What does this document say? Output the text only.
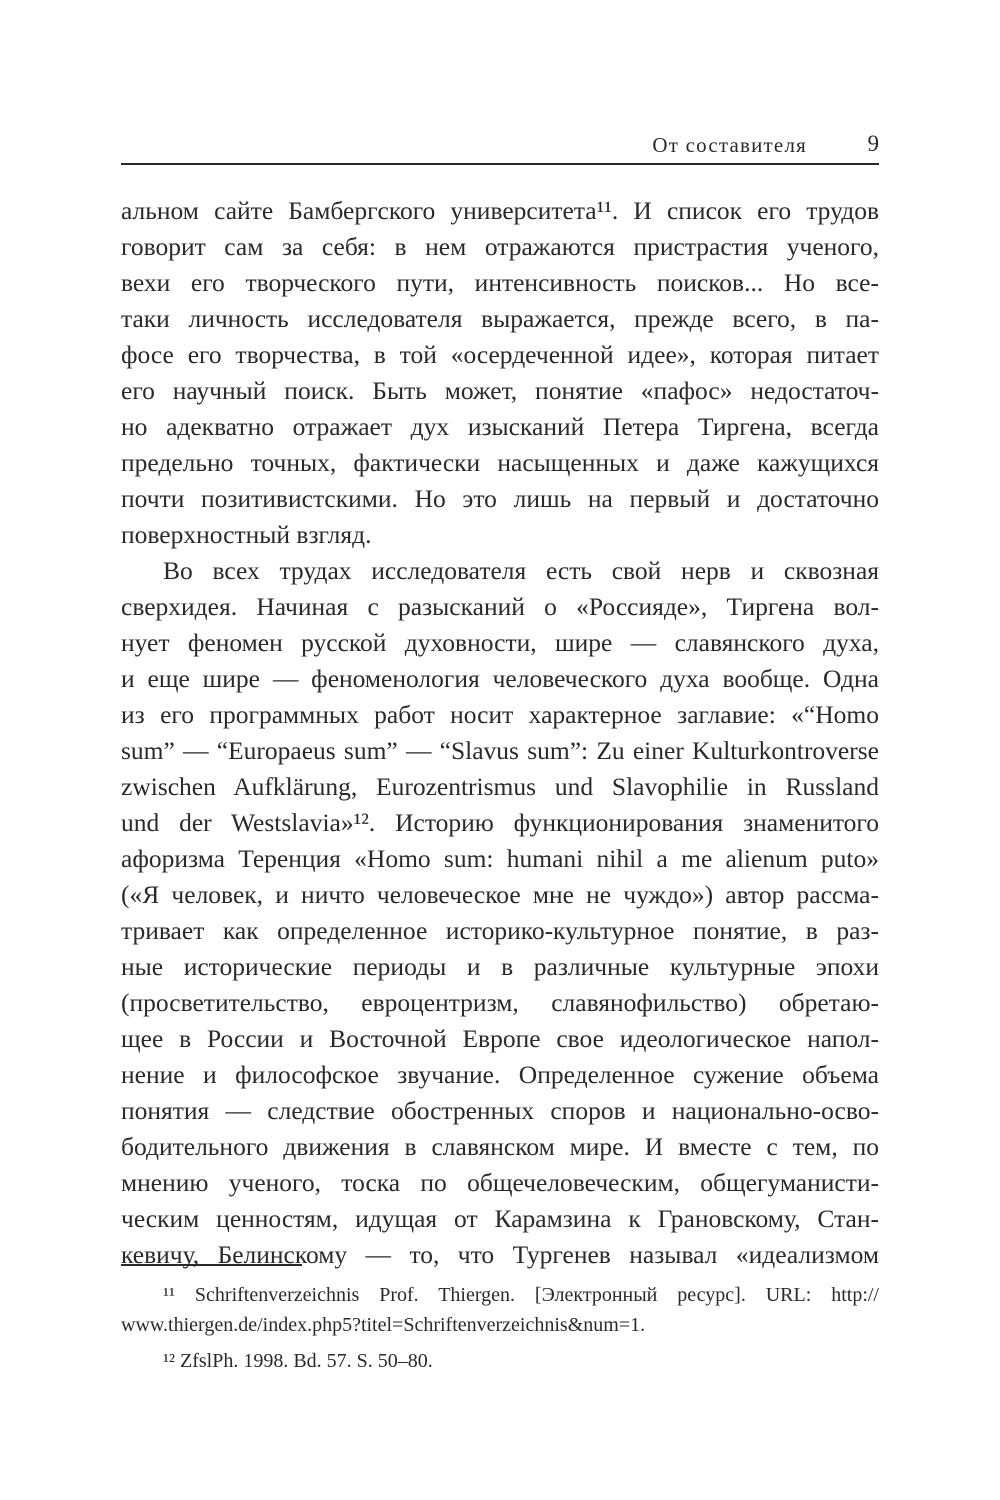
От составителя	9
альном сайте Бамбергского университета¹¹. И список его трудов
говорит сам за себя: в нем отражаются пристрастия ученого,
вехи его творческого пути, интенсивность поисков... Но все-
таки личность исследователя выражается, прежде всего, в па-
фосе его творчества, в той «осердеченной идее», которая питает
его научный поиск. Быть может, понятие «пафос» недостаточ-
но адекватно отражает дух изысканий Петера Тиргена, всегда
предельно точных, фактически насыщенных и даже кажущихся
почти позитивистскими. Но это лишь на первый и достаточно
поверхностный взгляд.
Во всех трудах исследователя есть свой нерв и сквозная
сверхидея. Начиная с разысканий о «Россияде», Тиргена вол-
нует феномен русской духовности, шире — славянского духа,
и еще шире — феноменология человеческого духа вообще. Одна
из его программных работ носит характерное заглавие: «“Homo
sum” — “Europaeus sum” — “Slavus sum”: Zu einer Kulturkontroverse
zwischen Aufklärung, Eurozentrismus und Slavophilie in Russland
und der Westslavia»¹². Историю функционирования знаменитого
афоризма Теренция «Homo sum: humani nihil a me alienum puto»
(«Я человек, и ничто человеческое мне не чуждо») автор рассма-
тривает как определенное историко-культурное понятие, в раз-
ные исторические периоды и в различные культурные эпохи
(просветительство, евроцентризм, славянофильство) обретаю-
щее в России и Восточной Европе свое идеологическое напол-
нение и философское звучание. Определенное сужение объема
понятия — следствие обостренных споров и национально-осво-
бодительного движения в славянском мире. И вместе с тем, по
мнению ученого, тоска по общечеловеческим, общегуманисти-
ческим ценностям, идущая от Карамзина к Грановскому, Стан-
кевичу, Белинскому — то, что Тургенев называл «идеализмом
¹¹ Schriftenverzeichnis Prof. Thiergen. [Электронный ресурс]. URL: http://
www.thiergen.de/index.php5?titel=Schriftenverzeichnis&num=1.
¹² ZfslPh. 1998. Bd. 57. S. 50–80.
